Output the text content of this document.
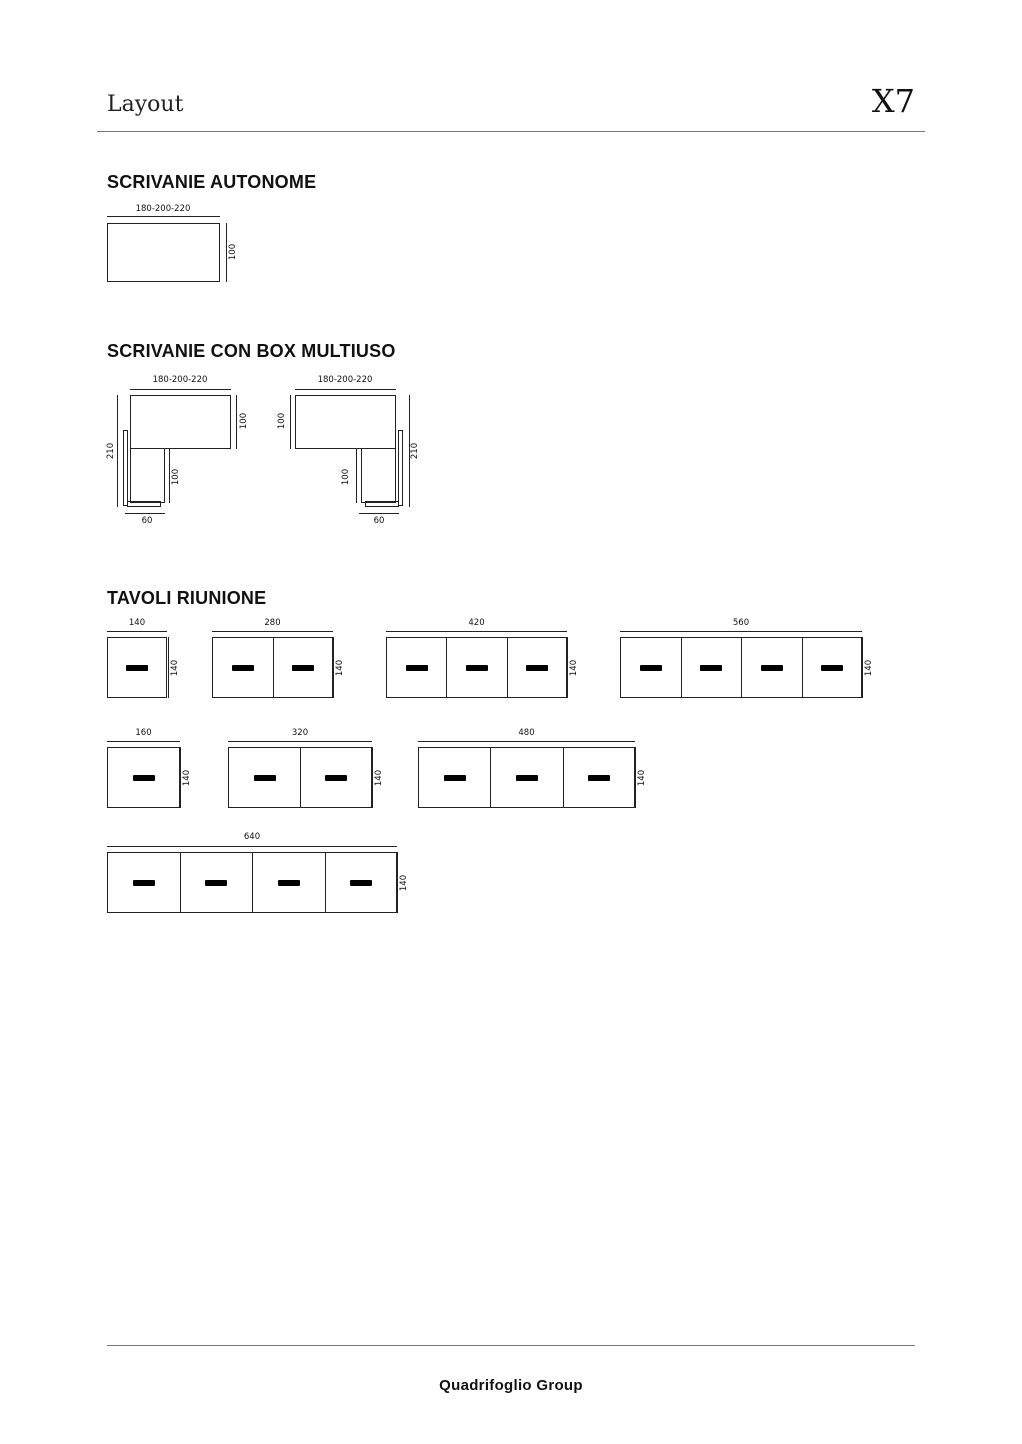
Layout	X7
SCRIVANIE AUTONOME
180-200-220
100
SCRIVANIE CON BOX MULTIUSO
180-200-220
210
100
100
60
180-200-220
210
100
100
60
TAVOLI RIUNIONE
140
140
280
140
420
140
560
140
160
140
320
140
480
140
640
140
Quadrifoglio Group
